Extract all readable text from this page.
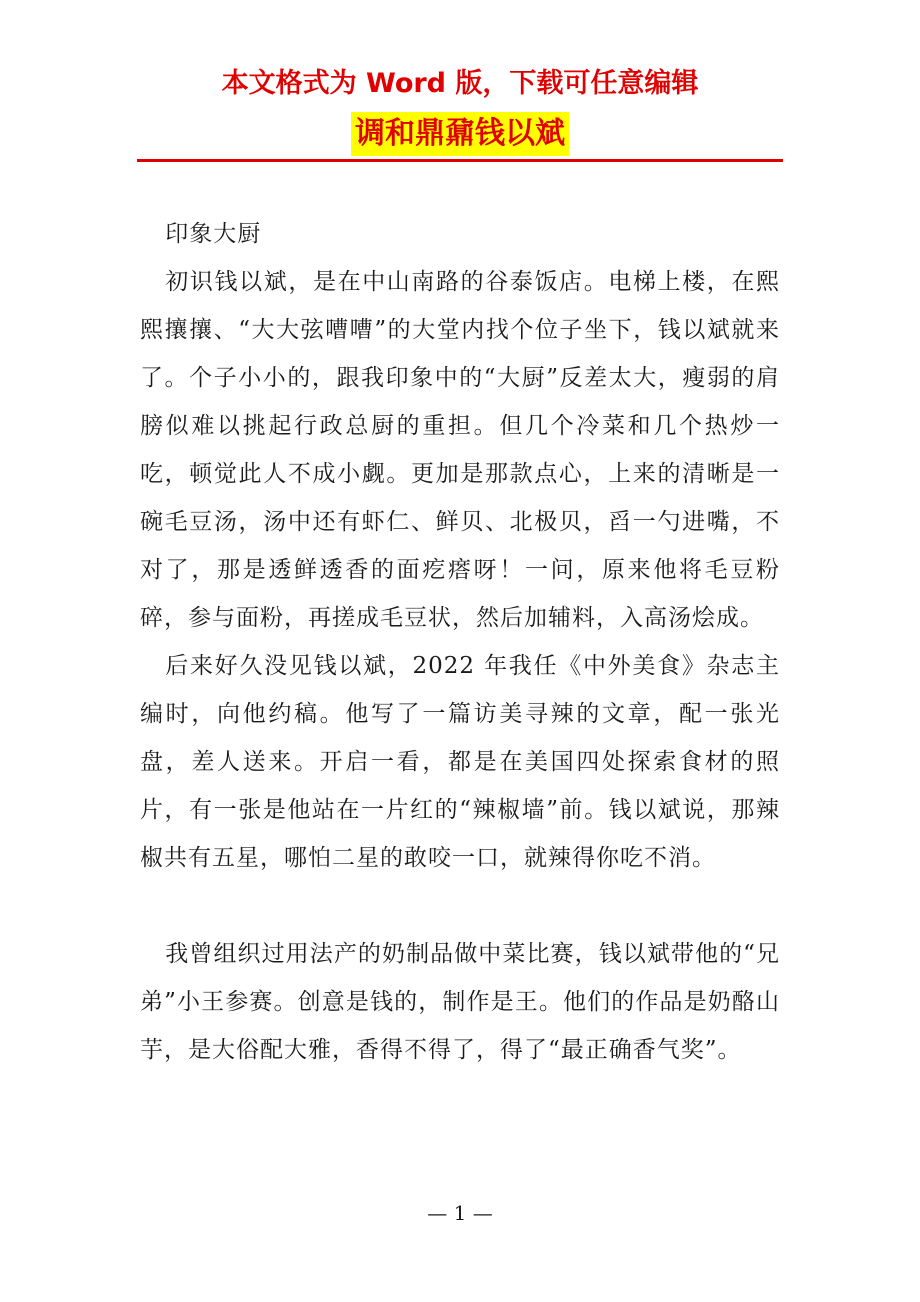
本文格式为 Word 版，下载可任意编辑
调和鼎鼐钱以斌

印象大厨

初识钱以斌，是在中山南路的谷泰饭店。电梯上楼，在熙熙攘攘、“大大弦嘈嘈”的大堂内找个位子坐下，钱以斌就来了。个子小小的，跟我印象中的“大厨”反差太大，瘦弱的肩膀似难以挑起行政总厨的重担。但几个冷菜和几个热炒一吃，顿觉此人不成小觑。更加是那款点心，上来的清晰是一碗毛豆汤，汤中还有虾仁、鲜贝、北极贝，舀一勺进嘴，不对了，那是透鲜透香的面疙瘩呀！一问，原来他将毛豆粉碎，参与面粉，再搓成毛豆状，然后加辅料，入高汤烩成。

后来好久没见钱以斌，2022 年我任《中外美食》杂志主编时，向他约稿。他写了一篇访美寻辣的文章，配一张光盘，差人送来。开启一看，都是在美国四处探索食材的照片，有一张是他站在一片红的“辣椒墙”前。钱以斌说，那辣椒共有五星，哪怕二星的敢咬一口，就辣得你吃不消。

我曾组织过用法产的奶制品做中菜比赛，钱以斌带他的“兄弟”小王参赛。创意是钱的，制作是王。他们的作品是奶酪山芋，是大俗配大雅，香得不得了，得了“最正确香气奖”。

— 1 —
